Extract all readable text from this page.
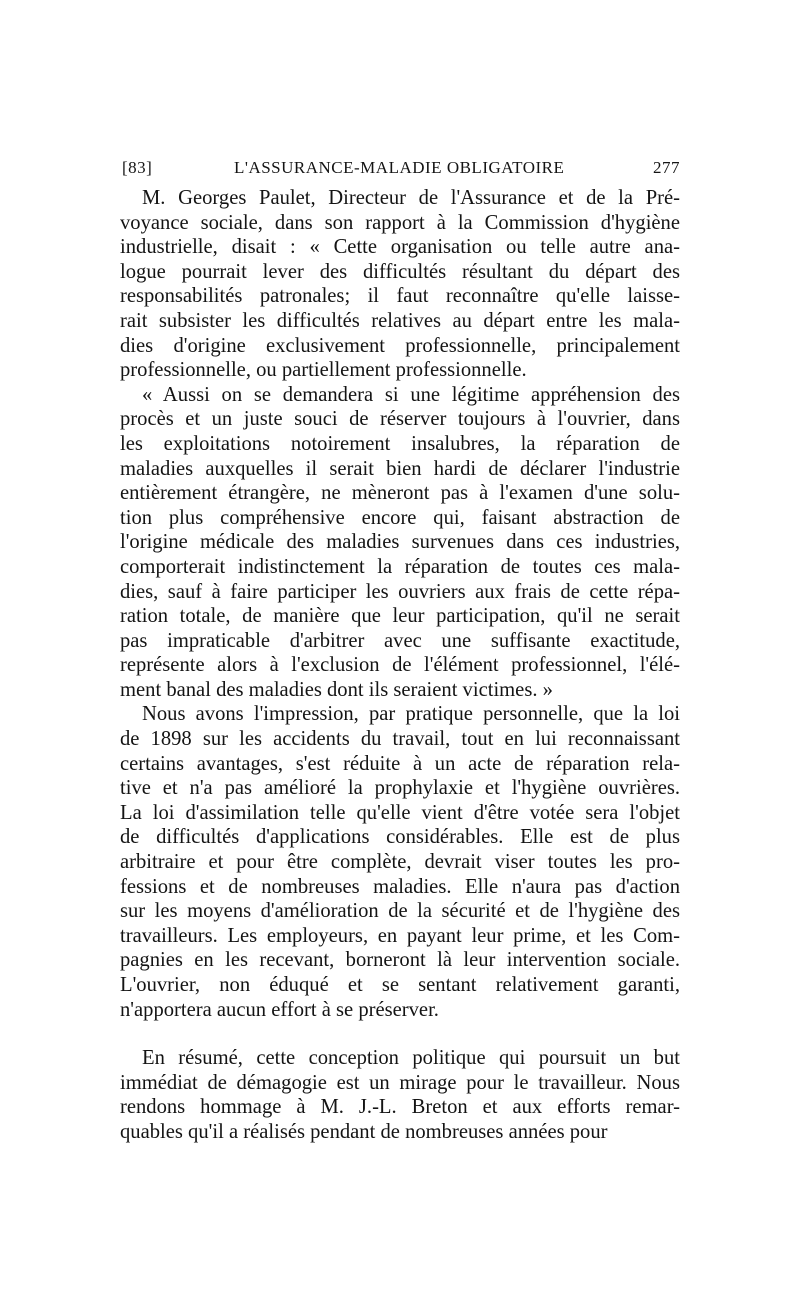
[83]	L'ASSURANCE-MALADIE OBLIGATOIRE	277
M. Georges Paulet, Directeur de l'Assurance et de la Pré-
voyance sociale, dans son rapport à la Commission d'hygiène
industrielle, disait : « Cette organisation ou telle autre ana-
logue pourrait lever des difficultés résultant du départ des
responsabilités patronales; il faut reconnaître qu'elle laisse-
rait subsister les difficultés relatives au départ entre les mala-
dies d'origine exclusivement professionnelle, principalement
professionnelle, ou partiellement professionnelle.
« Aussi on se demandera si une légitime appréhension des
procès et un juste souci de réserver toujours à l'ouvrier, dans
les exploitations notoirement insalubres, la réparation de
maladies auxquelles il serait bien hardi de déclarer l'industrie
entièrement étrangère, ne mèneront pas à l'examen d'une solu-
tion plus compréhensive encore qui, faisant abstraction de
l'origine médicale des maladies survenues dans ces industries,
comporterait indistinctement la réparation de toutes ces mala-
dies, sauf à faire participer les ouvriers aux frais de cette répa-
ration totale, de manière que leur participation, qu'il ne serait
pas impraticable d'arbitrer avec une suffisante exactitude,
représente alors à l'exclusion de l'élément professionnel, l'élé-
ment banal des maladies dont ils seraient victimes. »
Nous avons l'impression, par pratique personnelle, que la loi
de 1898 sur les accidents du travail, tout en lui reconnaissant
certains avantages, s'est réduite à un acte de réparation rela-
tive et n'a pas amélioré la prophylaxie et l'hygiène ouvrières.
La loi d'assimilation telle qu'elle vient d'être votée sera l'objet
de difficultés d'applications considérables. Elle est de plus
arbitraire et pour être complète, devrait viser toutes les pro-
fessions et de nombreuses maladies. Elle n'aura pas d'action
sur les moyens d'amélioration de la sécurité et de l'hygiène des
travailleurs. Les employeurs, en payant leur prime, et les Com-
pagnies en les recevant, borneront là leur intervention sociale.
L'ouvrier, non éduqué et se sentant relativement garanti,
n'apportera aucun effort à se préserver.
En résumé, cette conception politique qui poursuit un but
immédiat de démagogie est un mirage pour le travailleur. Nous
rendons hommage à M. J.-L. Breton et aux efforts remar-
quables qu'il a réalisés pendant de nombreuses années pour
